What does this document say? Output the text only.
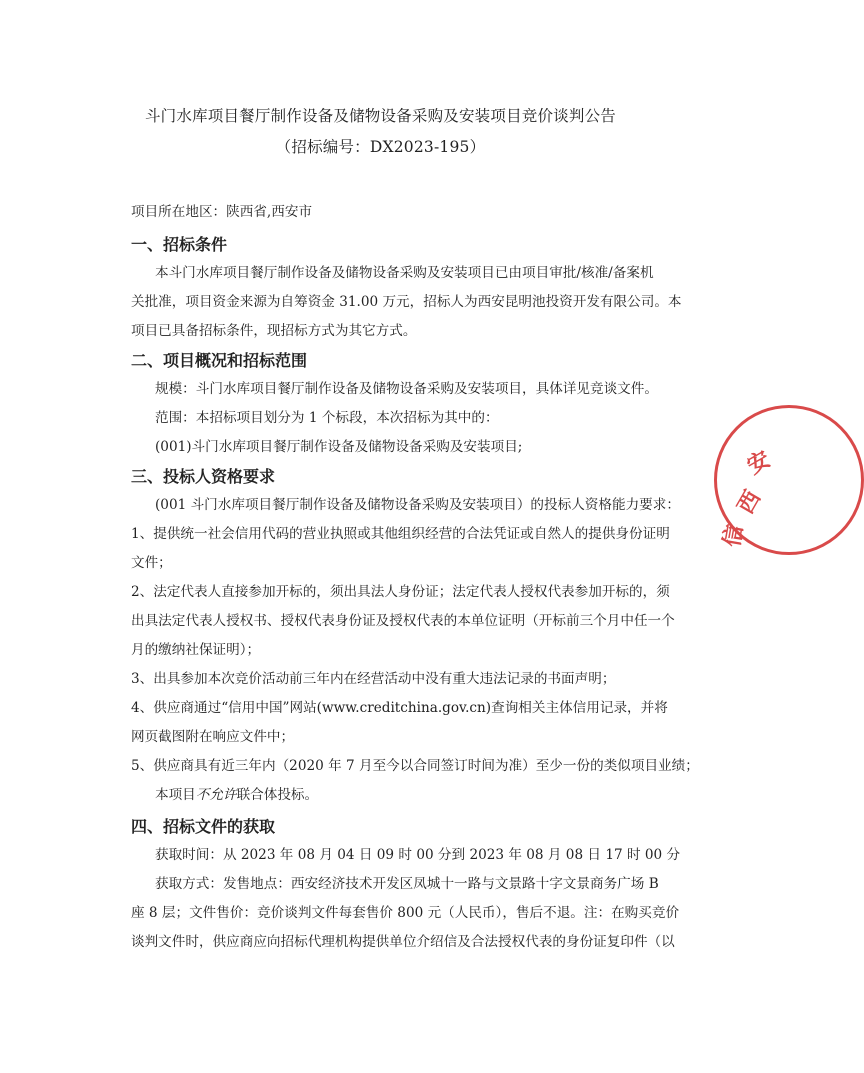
斗门水库项目餐厅制作设备及储物设备采购及安装项目竞价谈判公告
（招标编号：DX2023-195）
项目所在地区：陕西省,西安市
一、招标条件
本斗门水库项目餐厅制作设备及储物设备采购及安装项目已由项目审批/核准/备案机
关批准，项目资金来源为自筹资金 31.00 万元，招标人为西安昆明池投资开发有限公司。本
项目已具备招标条件，现招标方式为其它方式。
二、项目概况和招标范围
规模：斗门水库项目餐厅制作设备及储物设备采购及安装项目，具体详见竞谈文件。
范围：本招标项目划分为 1 个标段，本次招标为其中的：
(001)斗门水库项目餐厅制作设备及储物设备采购及安装项目;
三、投标人资格要求
(001 斗门水库项目餐厅制作设备及储物设备采购及安装项目）的投标人资格能力要求：
1、提供统一社会信用代码的营业执照或其他组织经营的合法凭证或自然人的提供身份证明
文件；
2、法定代表人直接参加开标的，须出具法人身份证；法定代表人授权代表参加开标的，须
出具法定代表人授权书、授权代表身份证及授权代表的本单位证明（开标前三个月中任一个
月的缴纳社保证明）；
3、出具参加本次竞价活动前三年内在经营活动中没有重大违法记录的书面声明；
4、供应商通过“信用中国”网站(www.creditchina.gov.cn)查询相关主体信用记录，并将
网页截图附在响应文件中；
5、供应商具有近三年内（2020 年 7 月至今以合同签订时间为准）至少一份的类似项目业绩；
本项目不允许联合体投标。
四、招标文件的获取
获取时间：从 2023 年 08 月 04 日 09 时 00 分到 2023 年 08 月 08 日 17 时 00 分
获取方式：发售地点：西安经济技术开发区凤城十一路与文景路十字文景商务广场 B
座 8 层；文件售价：竞价谈判文件每套售价 800 元（人民币），售后不退。注：在购买竞价
谈判文件时，供应商应向招标代理机构提供单位介绍信及合法授权代表的身份证复印件（以
西
安
信
